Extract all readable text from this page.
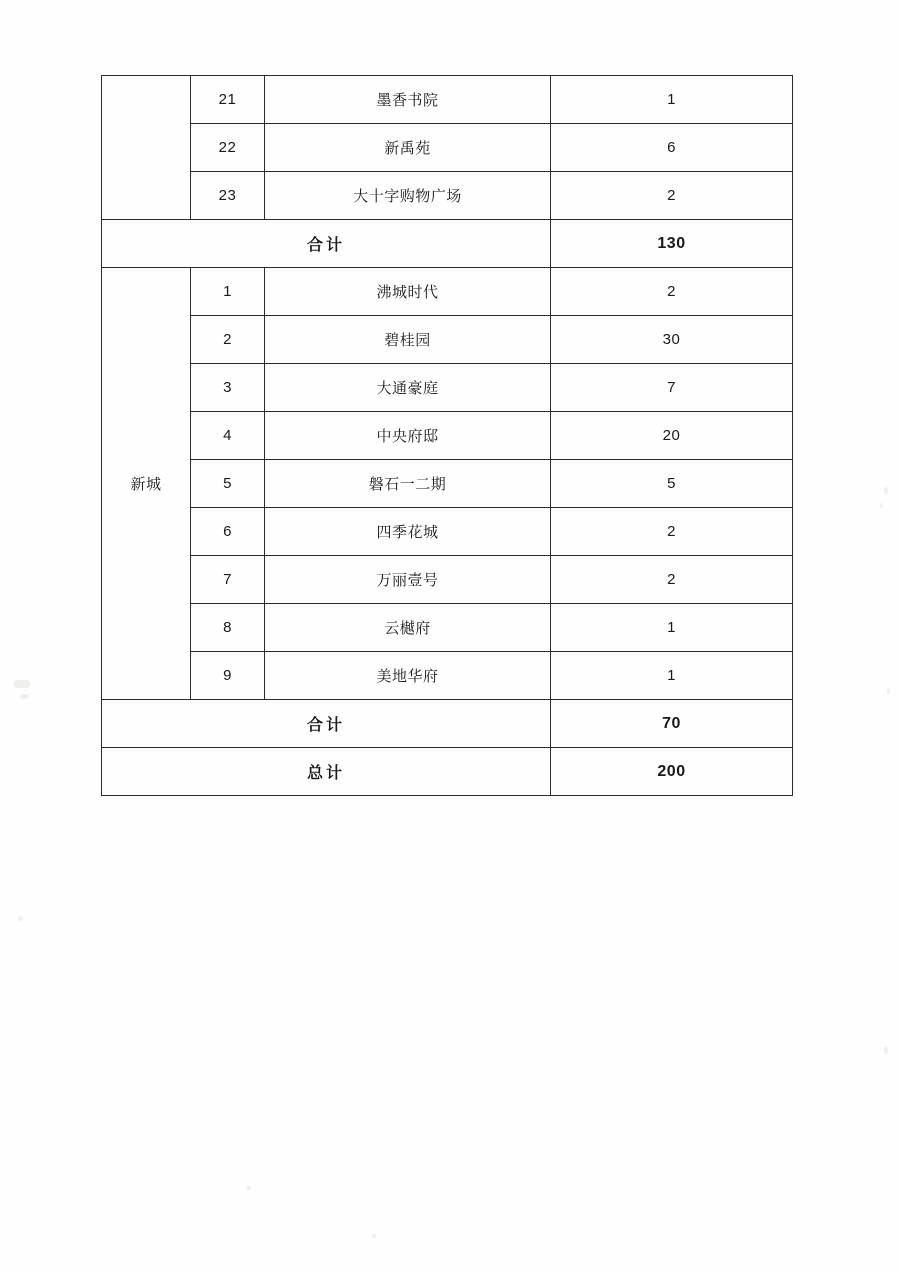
	21	墨香书院	1
	22	新禹苑	6
	23	大十字购物广场	2
合计			130
新城	1	沸城时代	2
	2	碧桂园	30
	3	大通豪庭	7
	4	中央府邸	20
	5	磐石一二期	5
	6	四季花城	2
	7	万丽壹号	2
	8	云樾府	1
	9	美地华府	1
合计			70
总计			200
